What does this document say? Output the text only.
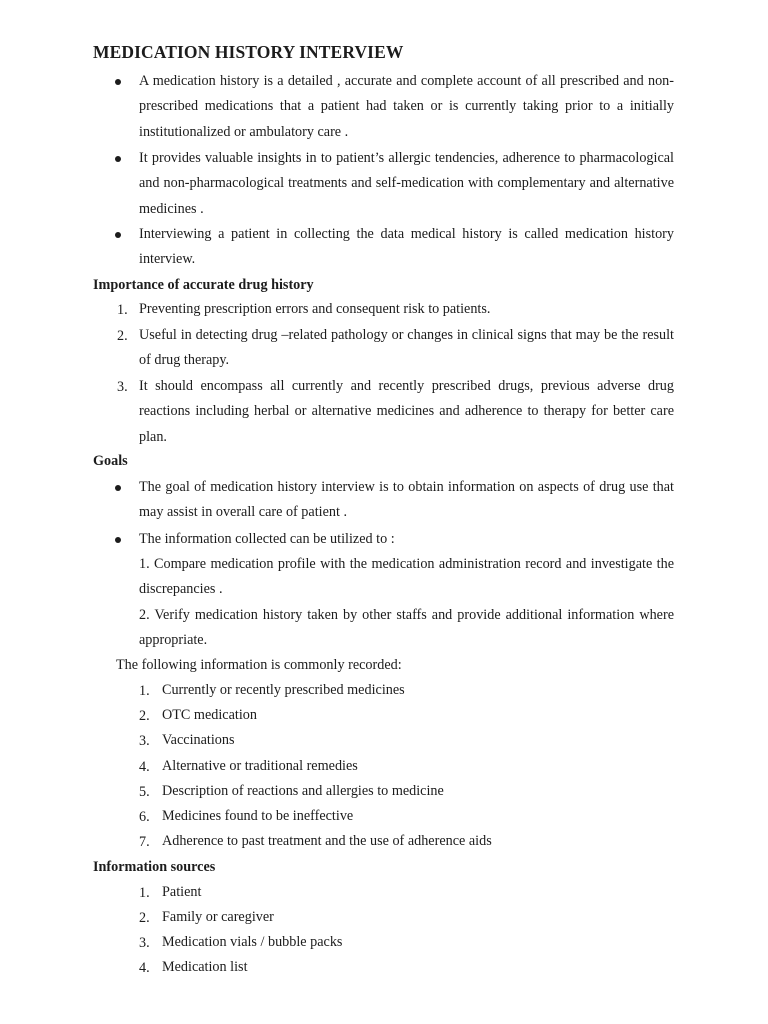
MEDICATION HISTORY INTERVIEW
A medication history is a detailed , accurate and complete account of all prescribed and non-prescribed medications that a patient had taken or is currently taking prior to a initially institutionalized or ambulatory care .
It provides valuable insights in to patient’s allergic tendencies, adherence to pharmacological and non-pharmacological treatments and self-medication with complementary and alternative medicines .
Interviewing a patient in collecting the data medical history is called medication history interview.
Importance of accurate drug history
1. Preventing prescription errors and consequent risk to patients.
2. Useful in detecting drug –related pathology or changes in clinical signs that may be the result of drug therapy.
3. It should encompass all currently and recently prescribed drugs, previous adverse drug reactions including herbal or alternative medicines and adherence to therapy for better care plan.
Goals
The goal of medication history interview is to obtain information on aspects of drug use that may assist in overall care of patient .
The information collected can be utilized to :
1. Compare medication profile with the medication administration record and investigate the discrepancies .
2. Verify medication history taken by other staffs and provide additional information where appropriate.
The following information is commonly recorded:
1. Currently or recently prescribed medicines
2. OTC medication
3. Vaccinations
4. Alternative or traditional remedies
5. Description of reactions and allergies to medicine
6. Medicines found to be ineffective
7. Adherence to past treatment and the use of adherence aids
Information sources
1. Patient
2. Family or caregiver
3. Medication vials / bubble packs
4. Medication list
